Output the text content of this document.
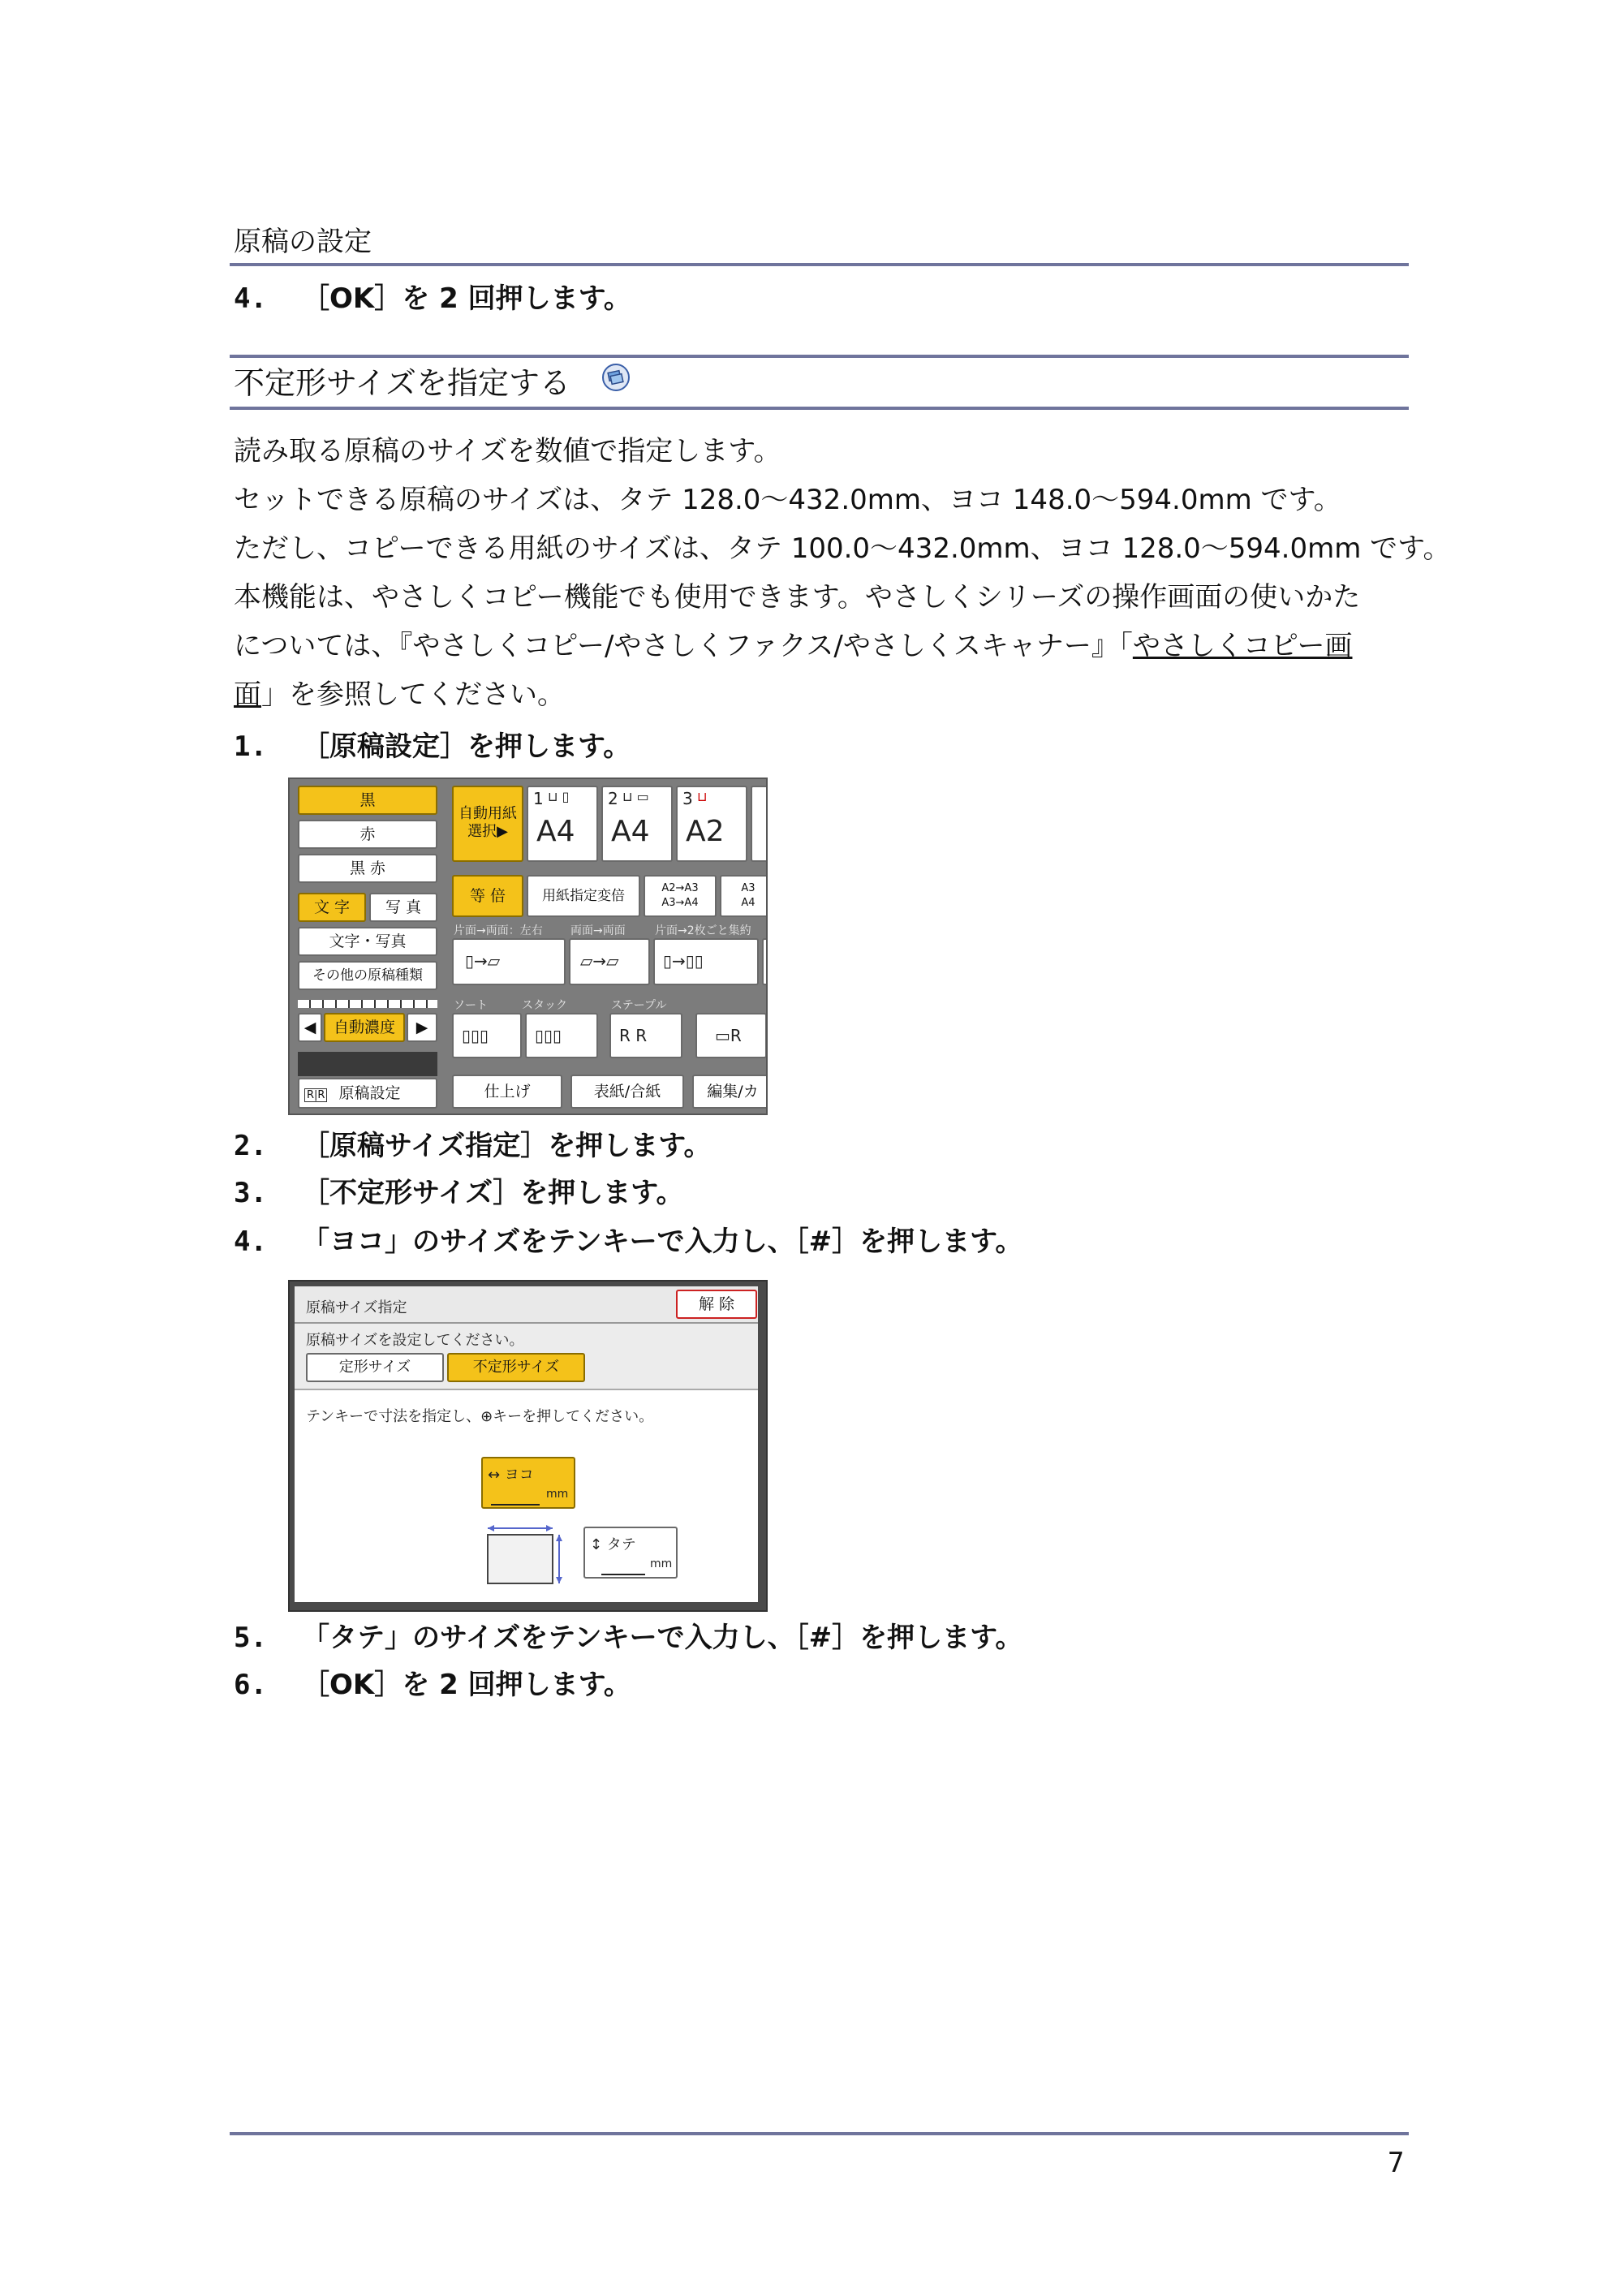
原稿の設定
4. ［OK］を 2 回押します。
不定形サイズを指定する
読み取る原稿のサイズを数値で指定します。
セットできる原稿のサイズは、タテ 128.0～432.0mm、ヨコ 148.0～594.0mm です。
ただし、コピーできる用紙のサイズは、タテ 100.0～432.0mm、ヨコ 128.0～594.0mm です。
本機能は、やさしくコピー機能でも使用できます。やさしくシリーズの操作画面の使いかた
については、『やさしくコピー/やさしくファクス/やさしくスキャナー』「やさしくコピー画
面」を参照してください。
1. ［原稿設定］を押します。
黒
赤
黒 赤
文 字	写 真
文字・写真
その他の原稿種類
◀	自動濃度	▶
R|R 原稿設定
自動用紙
選択▶
1 ⊔ ▯
A4
2 ⊔ ▭
A4
3 ⊔
A2
等 倍	用紙指定変倍	A2→A3
A3→A4
A3
A4
片面→両面：左右 両面→両面	片面→2枚ごと集約
▯→▱	▱→▱	▯→▯▯
ソート	スタック	ステープル
▯▯▯	▯▯▯	R R	▭R
仕上げ	表紙/合紙	編集/カ
2. ［原稿サイズ指定］を押します。
3. ［不定形サイズ］を押します。
4. 「ヨコ」のサイズをテンキーで入力し、［#］を押します。
原稿サイズ指定	解 除
原稿サイズを設定してください。
定形サイズ	不定形サイズ
テンキーで寸法を指定し、⊕キーを押してください。
↔ ヨコ
mm
↕ タテ
mm
5. 「タテ」のサイズをテンキーで入力し、［#］を押します。
6. ［OK］を 2 回押します。
7
